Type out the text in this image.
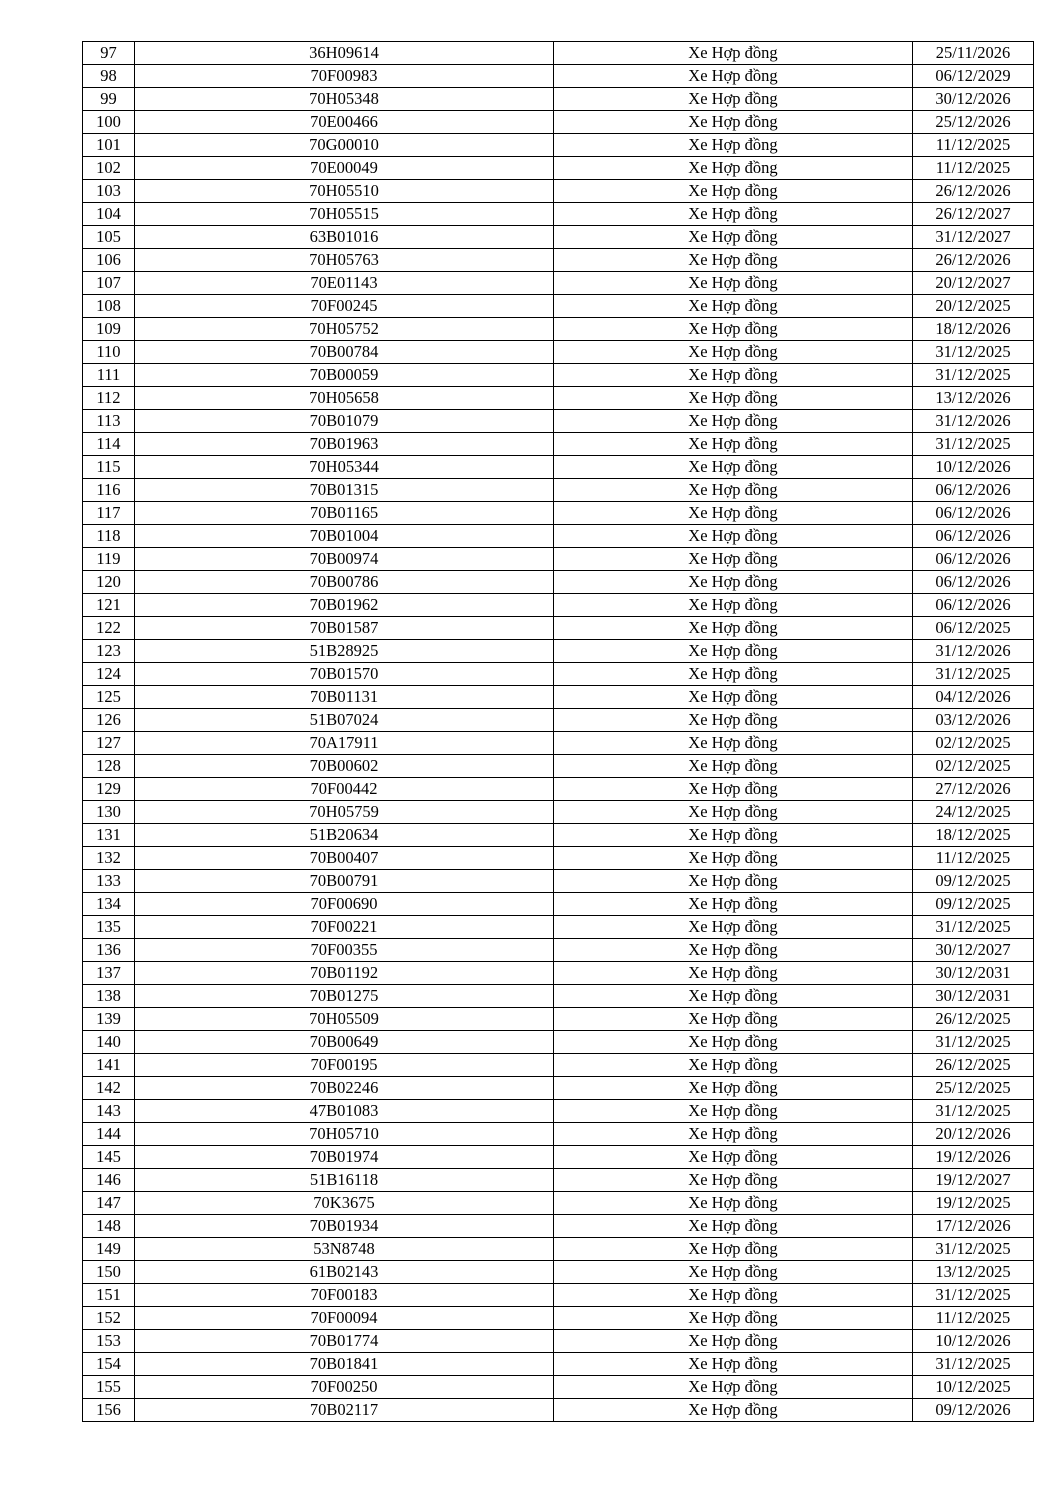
97	36H09614	Xe Hợp đồng	25/11/2026
98	70F00983	Xe Hợp đồng	06/12/2029
99	70H05348	Xe Hợp đồng	30/12/2026
100	70E00466	Xe Hợp đồng	25/12/2026
101	70G00010	Xe Hợp đồng	11/12/2025
102	70E00049	Xe Hợp đồng	11/12/2025
103	70H05510	Xe Hợp đồng	26/12/2026
104	70H05515	Xe Hợp đồng	26/12/2027
105	63B01016	Xe Hợp đồng	31/12/2027
106	70H05763	Xe Hợp đồng	26/12/2026
107	70E01143	Xe Hợp đồng	20/12/2027
108	70F00245	Xe Hợp đồng	20/12/2025
109	70H05752	Xe Hợp đồng	18/12/2026
110	70B00784	Xe Hợp đồng	31/12/2025
111	70B00059	Xe Hợp đồng	31/12/2025
112	70H05658	Xe Hợp đồng	13/12/2026
113	70B01079	Xe Hợp đồng	31/12/2026
114	70B01963	Xe Hợp đồng	31/12/2025
115	70H05344	Xe Hợp đồng	10/12/2026
116	70B01315	Xe Hợp đồng	06/12/2026
117	70B01165	Xe Hợp đồng	06/12/2026
118	70B01004	Xe Hợp đồng	06/12/2026
119	70B00974	Xe Hợp đồng	06/12/2026
120	70B00786	Xe Hợp đồng	06/12/2026
121	70B01962	Xe Hợp đồng	06/12/2026
122	70B01587	Xe Hợp đồng	06/12/2025
123	51B28925	Xe Hợp đồng	31/12/2026
124	70B01570	Xe Hợp đồng	31/12/2025
125	70B01131	Xe Hợp đồng	04/12/2026
126	51B07024	Xe Hợp đồng	03/12/2026
127	70A17911	Xe Hợp đồng	02/12/2025
128	70B00602	Xe Hợp đồng	02/12/2025
129	70F00442	Xe Hợp đồng	27/12/2026
130	70H05759	Xe Hợp đồng	24/12/2025
131	51B20634	Xe Hợp đồng	18/12/2025
132	70B00407	Xe Hợp đồng	11/12/2025
133	70B00791	Xe Hợp đồng	09/12/2025
134	70F00690	Xe Hợp đồng	09/12/2025
135	70F00221	Xe Hợp đồng	31/12/2025
136	70F00355	Xe Hợp đồng	30/12/2027
137	70B01192	Xe Hợp đồng	30/12/2031
138	70B01275	Xe Hợp đồng	30/12/2031
139	70H05509	Xe Hợp đồng	26/12/2025
140	70B00649	Xe Hợp đồng	31/12/2025
141	70F00195	Xe Hợp đồng	26/12/2025
142	70B02246	Xe Hợp đồng	25/12/2025
143	47B01083	Xe Hợp đồng	31/12/2025
144	70H05710	Xe Hợp đồng	20/12/2026
145	70B01974	Xe Hợp đồng	19/12/2026
146	51B16118	Xe Hợp đồng	19/12/2027
147	70K3675	Xe Hợp đồng	19/12/2025
148	70B01934	Xe Hợp đồng	17/12/2026
149	53N8748	Xe Hợp đồng	31/12/2025
150	61B02143	Xe Hợp đồng	13/12/2025
151	70F00183	Xe Hợp đồng	31/12/2025
152	70F00094	Xe Hợp đồng	11/12/2025
153	70B01774	Xe Hợp đồng	10/12/2026
154	70B01841	Xe Hợp đồng	31/12/2025
155	70F00250	Xe Hợp đồng	10/12/2025
156	70B02117	Xe Hợp đồng	09/12/2026
